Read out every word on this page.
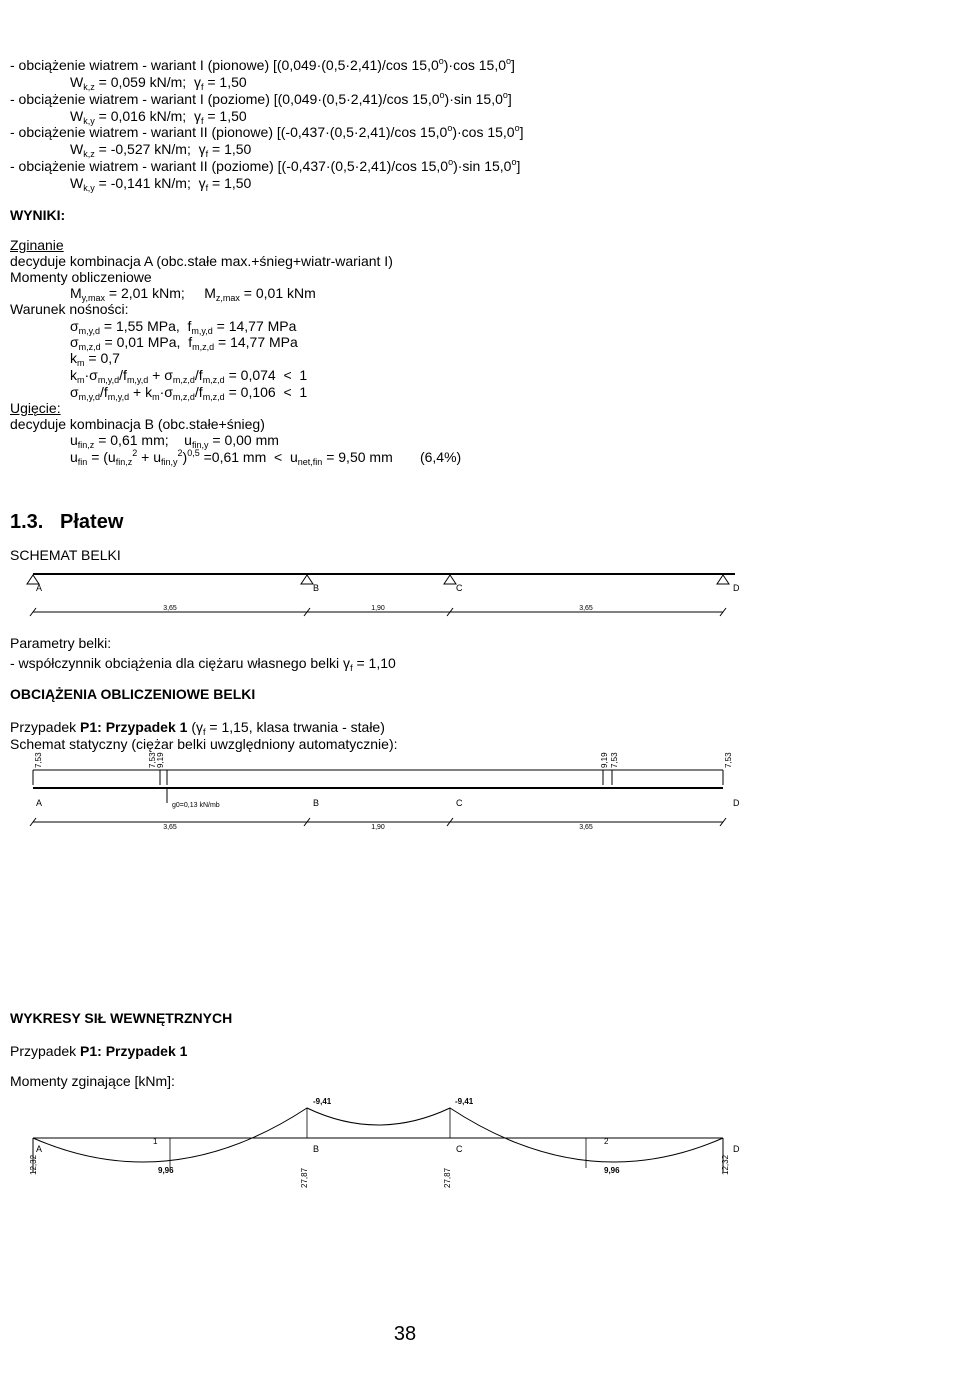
- obciążenie wiatrem - wariant I (pionowe) [(0,049·(0,5·2,41)/cos $15,0^o)\cdot\cos$ 15,0$^o$]
$W_{k,z} = 0,059$ kN/m;  $\gamma_f = 1,50$
- obciążenie wiatrem - wariant I (poziome) [(0,049·(0,5·2,41)/cos $15,0^o)\cdot\sin$ 15,0$^o$]
$W_{k,y} = 0,016$ kN/m;  $\gamma_f = 1,50$
- obciążenie wiatrem - wariant II (pionowe) [(-0,437·(0,5·2,41)/cos $15,0^o)\cdot\cos$ 15,0$^o$]
$W_{k,z} = -0,527$ kN/m;  $\gamma_f = 1,50$
- obciążenie wiatrem - wariant II (poziome) [(-0,437·(0,5·2,41)/cos $15,0^o)\cdot\sin$ 15,0$^o$]
$W_{k,y} = -0,141$ kN/m;  $\gamma_f = 1,50$
WYNIKI:
Zginanie
decyduje kombinacja A (obc.stałe max.+śnieg+wiatr-wariant I)
Momenty obliczeniowe
$M_{y,max} = 2,01$ kNm;     $M_{z,max} = 0,01$ kNm
Warunek nośności:
$\sigma_{m,y,d} = 1,55$ MPa,  $f_{m,y,d} = 14,77$ MPa
$\sigma_{m,z,d} = 0,01$ MPa,  $f_{m,z,d} = 14,77$ MPa
$k_m = 0,7$
$k_m\cdot\sigma_{m,y,d}/f_{m,y,d} + \sigma_{m,z,d}/f_{m,z,d} = 0,074 < 1$
$\sigma_{m,y,d}/f_{m,y,d} + k_m\cdot\sigma_{m,z,d}/f_{m,z,d} = 0,106 < 1$
Ugięcie:
decyduje kombinacja B (obc.stałe+śnieg)
$u_{fin,z} = 0,61$ mm;    $u_{fin,y} = 0,00$ mm
$u_{fin} = (u_{fin,z}^2 + u_{fin,y}^2)^{0,5} =0,61$ mm  <  $u_{net,fin} = 9,50$ mm       (6,4%)
1.3. Płatew
SCHEMAT BELKI
Parametry belki:
- współczynnik obciążenia dla ciężaru własnego belki $\gamma_f = 1,10$
OBCIĄŻENIA OBLICZENIOWE BELKI
Przypadek P1: Przypadek 1 ($\gamma_f = 1,15$, klasa trwania - stałe)
Schemat statyczny (ciężar belki uwzględniony automatycznie):
WYKRESY SIŁ WEWNĘTRZNYCH
Przypadek P1: Przypadek 1
Momenty zginające [kNm]:
A	B	C	D
3,65	1,90	3,65
7,53	7,53 9,19	9,19 7,53	7,53
A	B	C	D
g0=0,13 kN/mb
3,65	1,90	3,65
-9,41	-9,41
9,96	9,96
12,32
27,87	27,87
12,32
A	B	C	D
1	2
38
